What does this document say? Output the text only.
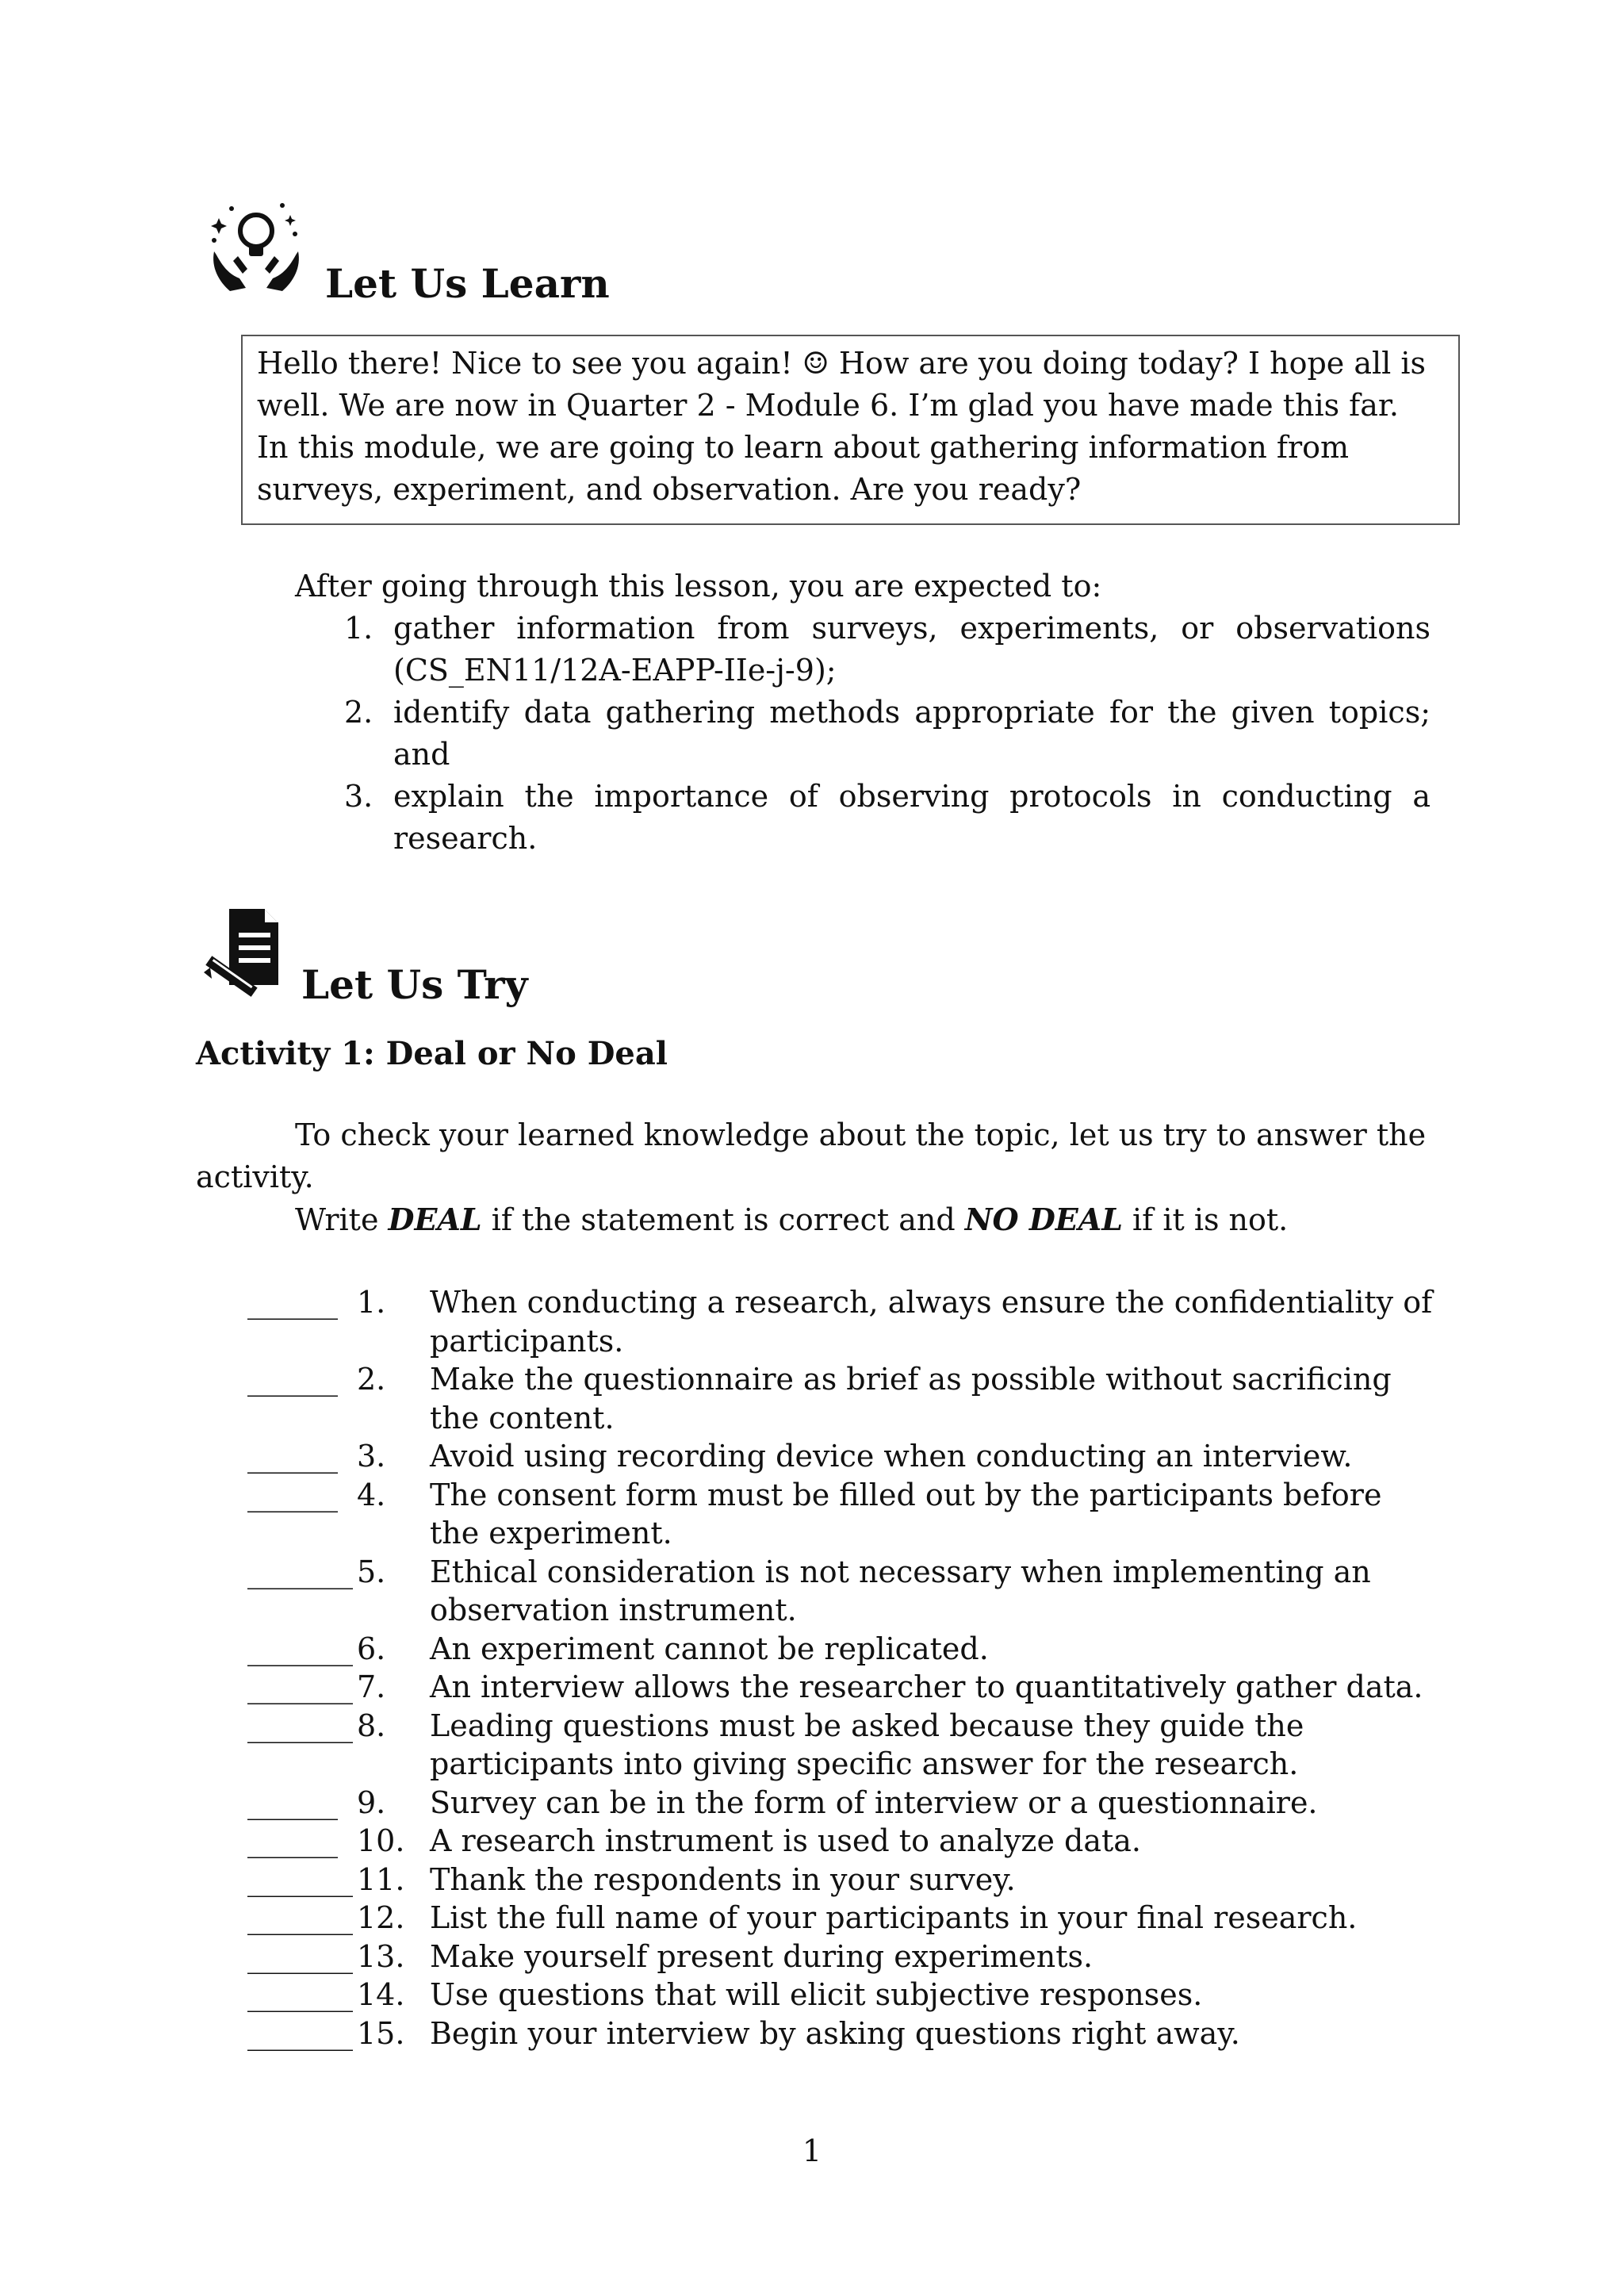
Let Us Learn
Hello there! Nice to see you again! ☺ How are you doing today? I hope all is
well. We are now in Quarter 2 - Module 6. I’m glad you have made this far.
In this module, we are going to learn about gathering information from
surveys, experiment, and observation. Are you ready?
After going through this lesson, you are expected to:
1. gather information from surveys, experiments, or observations (CS_EN11/12A-EAPP-IIe-j-9);
2. identify data gathering methods appropriate for the given topics; and
3. explain the importance of observing protocols in conducting a research.
Let Us Try
Activity 1: Deal or No Deal

To check your learned knowledge about the topic, let us try to answer the activity.

Write DEAL if the statement is correct and NO DEAL if it is not.

______ 1.	When conducting a research, always ensure the confidentiality of participants.
______ 2.	Make the questionnaire as brief as possible without sacrificing the content.
______ 3.	Avoid using recording device when conducting an interview.
______ 4.	The consent form must be filled out by the participants before the experiment.
_______ 5.	Ethical consideration is not necessary when implementing an observation instrument.
_______ 6.	An experiment cannot be replicated.
_______ 7.	An interview allows the researcher to quantitatively gather data.
_______ 8.	Leading questions must be asked because they guide the participants into giving specific answer for the research.
______ 9.	Survey can be in the form of interview or a questionnaire.
______ 10. A research instrument is used to analyze data.
_______ 11. Thank the respondents in your survey.
_______ 12. List the full name of your participants in your final research.
_______ 13. Make yourself present during experiments.
_______ 14. Use questions that will elicit subjective responses.
_______ 15. Begin your interview by asking questions right away.
1
